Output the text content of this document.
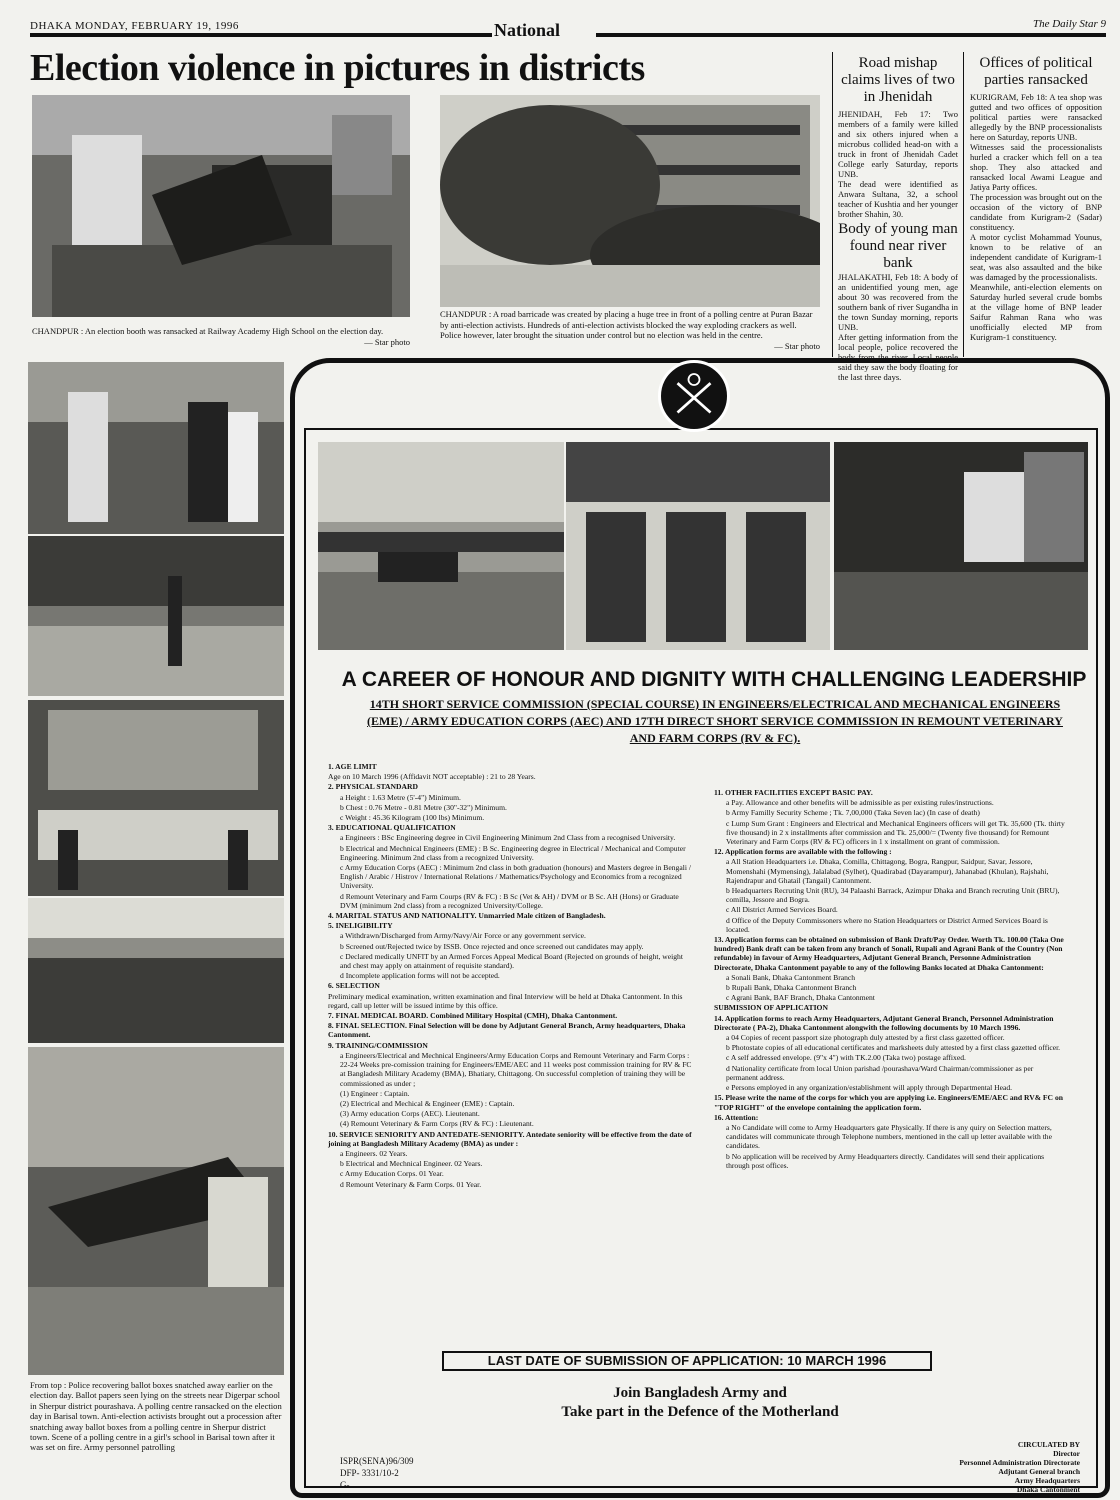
DHAKA MONDAY, FEBRUARY 19, 1996	National	The Daily Star 9
Election violence in pictures in districts
CHANDPUR : An election booth was ransacked at Railway Academy High School on the election day.
— Star photo
CHANDPUR : A road barricade was created by placing a huge tree in front of a polling centre at Puran Bazar by anti-election activists. Hundreds of anti-election activists blocked the way exploding crackers as well. Police however, later brought the situation under control but no election was held in the centre.
— Star photo
Road mishap claims lives of two in Jhenidah
JHENIDAH, Feb 17: Two members of a family were killed and six others injured when a microbus collided head-on with a truck in front of Jhenidah Cadet College early Saturday, reports UNB.
The dead were identified as Anwara Sultana, 32, a school teacher of Kushtia and her younger brother Shahin, 30.
Body of young man found near river bank
JHALAKATHI, Feb 18: A body of an unidentified young men, age about 30 was recovered from the southern bank of river Sugandha in the town Sunday morning, reports UNB.
After getting information from the local people, police recovered the body from the river. Local people said they saw the body floating for the last three days.
Offices of political parties ransacked
KURIGRAM, Feb 18: A tea shop was gutted and two offices of opposition political parties were ransacked allegedly by the BNP processionalists here on Saturday, reports UNB.
Witnesses said the processionalists hurled a cracker which fell on a tea shop. They also attacked and ransacked local Awami League and Jatiya Party offices.
The procession was brought out on the occasion of the victory of BNP candidate from Kurigram-2 (Sadar) constituency.
A motor cyclist Mohammad Younus, known to be relative of an independent candidate of Kurigram-1 seat, was also assaulted and the bike was damaged by the processionalists.
Meanwhile, anti-election elements on Saturday hurled several crude bombs at the village home of BNP leader Saifur Rahman Rana who was unofficially elected MP from Kurigram-1 constituency.
From top : Police recovering ballot boxes snatched away earlier on the election day. Ballot papers seen lying on the streets near Digerpar school in Sherpur district pourashava. A polling centre ransacked on the election day in Barisal town. Anti-election activists brought out a procession after snatching away ballot boxes from a polling centre in Sherpur district town. Scene of a polling centre in a girl's school in Barisal town after it was set on fire. Army personnel patrolling
A CAREER OF HONOUR AND DIGNITY WITH CHALLENGING LEADERSHIP
14TH SHORT SERVICE COMMISSION (SPECIAL COURSE) IN ENGINEERS/ELECTRICAL AND MECHANICAL ENGINEERS (EME) / ARMY EDUCATION CORPS (AEC) AND 17TH DIRECT SHORT SERVICE COMMISSION IN REMOUNT VETERINARY AND FARM CORPS (RV & FC).

1. AGE LIMIT

Age on 10 March 1996 (Affidavit NOT acceptable) : 21 to 28 Years.

2. PHYSICAL STANDARD

a Height : 1.63 Metre (5'-4") Minimum.

b Chest : 0.76 Metre - 0.81 Metre (30"-32") Minimum.

c Weight : 45.36 Kilogram (100 lbs) Minimum.

3. EDUCATIONAL QUALIFICATION

a Engineers : BSc Engineering degree in Civil Engineering Minimum 2nd Class from a recognised University.

b Electrical and Mechnical Engineers (EME) : B Sc. Engineering degree in Electrical / Mechanical and Computer Engineering. Minimum 2nd class from a recognized University.

c Army Education Corps (AEC) : Minimum 2nd class in both graduation (honours) and Masters degree in Bengali / English / Arabic / Histrov / International Relations / Mathematics/Psychology and Economics from a recognized University.

d Remount Veterinary and Farm Courps (RV & FC) : B Sc (Vet & AH) / DVM or B Sc. AH (Hons) or Graduate DVM (minimum 2nd class) from a recognized University/College.

4. MARITAL STATUS AND NATIONALITY. Unmarried Male citizen of Bangladesh.

5. INELIGIBILITY

a Withdrawn/Discharged from Army/Navy/Air Force or any government service.

b Screened out/Rejected twice by ISSB. Once rejected and once screened out candidates may apply.

c Declared medically UNFIT by an Armed Forces Appeal Medical Board (Rejected on grounds of height, weight and chest may apply on attainment of requisite standard).

d Incomplete application forms will not be accepted.

6. SELECTION

Preliminary medical examination, written examination and final Interview will be held at Dhaka Cantonment. In this regard, call up letter will be issued intime by this office.

7. FINAL MEDICAL BOARD. Combined Military Hospital (CMH), Dhaka Cantonment.

8. FINAL SELECTION. Final Selection will be done by Adjutant General Branch, Army headquarters, Dhaka Cantonment.

9. TRAINING/COMMISSION

a Engineers/Electrical and Mechnical Engineers/Army Education Corps and Remount Veterinary and Farm Corps : 22-24 Weeks pre-comission training for Engineers/EME/AEC and 11 weeks post commission training for RV & FC at Bangladesh Military Academy (BMA), Bhatiary, Chittagong. On successful completion of training they will be commissioned as under ;

(1) Engineer : Captain.

(2) Electrical and Mechical & Engineer (EME) : Captain.

(3) Army education Corps (AEC). Lieutenant.

(4) Remount Veterinary & Farm Corps (RV & FC) : Lieutenant.

10. SERVICE SENIORITY AND ANTEDATE-SENIORITY. Antedate seniority will be effective from the date of joining at Bangladesh Military Academy (BMA) as under :

a Engineers. 02 Years.

b Electrical and Mechnical Engineer. 02 Years.

c Army Education Corps. 01 Year.

d Remount Veterinary & Farm Corps. 01 Year.

11. OTHER FACILITIES EXCEPT BASIC PAY.

a Pay. Allowance and other benefits will be admissible as per existing rules/instructions.

b Army Familly Security Scheme ; Tk. 7,00,000 (Taka Seven lac) (In case of death)

c Lump Sum Grant : Engineers and Electrical and Mechanical Engineers officers will get Tk. 35,600 (Tk. thirty five thousand) in 2 x installments after commission and Tk. 25,000/= (Twenty five thousand) for Remount Veterinary and Farm Corps (RV & FC) officers in 1 x installment on grant of commission.

12. Application forms are available with the following :

a All Station Headquarters i.e. Dhaka, Comilla, Chittagong, Bogra, Rangpur, Saidpur, Savar, Jessore, Momenshahi (Mymensing), Jalalabad (Sylhet), Quadirabad (Dayarampur), Jahanabad (Khulan), Rajshahi, Rajendrapur and Ghatail (Tangail) Cantonment.

b Headquarters Recruting Unit (RU), 34 Palaashi Barrack, Azimpur Dhaka and Branch recruting Unit (BRU), comilla, Jessore and Bogra.

c All District Armed Services Board.

d Office of the Deputy Commissoners where no Station Headquarters or District Armed Services Board is located.

13. Application forms can be obtained on submission of Bank Draft/Pay Order. Worth Tk. 100.00 (Taka One hundred) Bank draft can be taken from any branch of Sonali, Rupali and Agrani Bank of the Country (Non refundable) in favour of Army Headquarters, Adjutant General Branch, Personne Administration Directorate, Dhaka Cantonment payable to any of the following Banks located at Dhaka Cantonment:

a Sonali Bank, Dhaka Cantonment Branch

b Rupali Bank, Dhaka Cantonment Branch

c Agrani Bank, BAF Branch, Dhaka Cantonment

SUBMISSION OF APPLICATION

14. Application forms to reach Army Headquarters, Adjutant General Branch, Personnel Administration Directorate ( PA-2), Dhaka Cantonment alongwith the following documents by 10 March 1996.

a 04 Copies of recent passport size photograph duly attested by a first class gazetted officer.

b Photostate copies of all educational certificates and marksheets duly attested by a first class gazetted officer.

c A self addressed envelope. (9"x 4") with TK.2.00 (Taka two) postage affixed.

d Nationality certificate from local Union parishad /pourashava/Ward Chairman/commissioner as per permanent address.

e Persons employed in any organization/establishment will apply through Departmental Head.

15. Please write the name of the corps for which you are applying i.e. Engineers/EME/AEC and RV& FC on "TOP RIGHT" of the envelope containing the application form.

16. Attention:

a No Candidate will come to Army Headquarters gate Physically. If there is any quiry on Selection matters, candidates will communicate through Telephone numbers, mentioned in the call up letter available with the candidates.

b No application will be received by Army Headquarters directly. Candidates will send their applications through post offices.

LAST DATE OF SUBMISSION OF APPLICATION: 10 MARCH 1996
Join Bangladesh Army and
Take part in the Defence of the Motherland
ISPR(SENA)96/309
DFP- 3331/10-2
G-
CIRCULATED BY
Director
Personnel Administration Directorate
Adjutant General branch
Army Headquarters
Dhaka Cantonment
